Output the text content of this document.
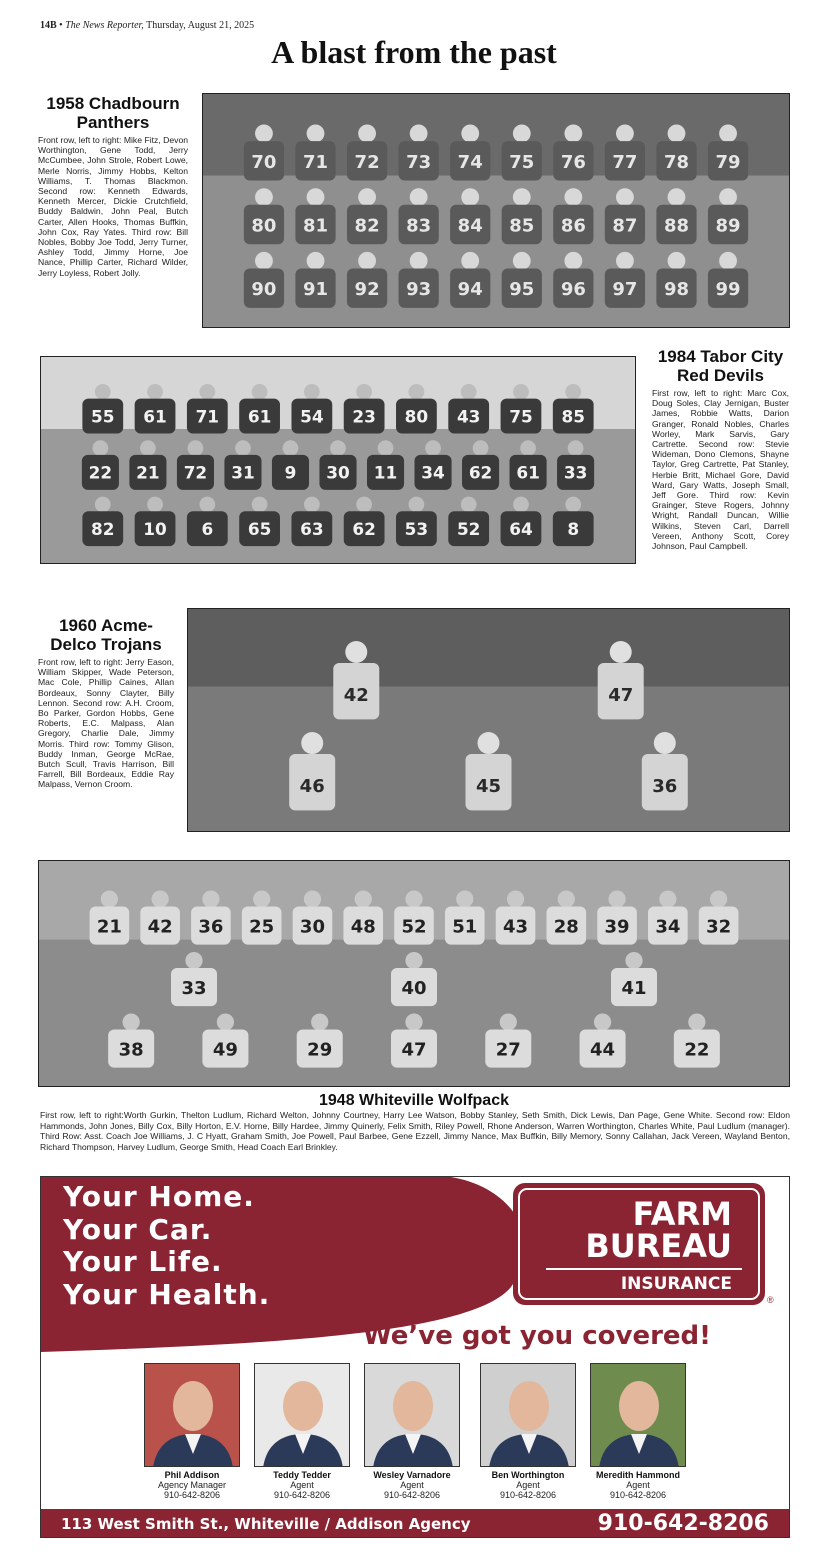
14B • The News Reporter, Thursday, August 21, 2025
A blast from the past
1958 Chadbourn Panthers
Front row, left to right: Mike Fitz, Devon Worthington, Gene Todd, Jerry McCumbee, John Strole, Robert Lowe, Merle Norris, Jimmy Hobbs, Kelton Williams, T. Thomas Blackmon. Second row: Kenneth Edwards, Kenneth Mercer, Dickie Crutchfield, Buddy Baldwin, John Peal, Butch Carter, Allen Hooks, Thomas Buffkin, John Cox, Ray Yates. Third row: Bill Nobles, Bobby Joe Todd, Jerry Turner, Ashley Todd, Jimmy Horne, Joe Nance, Phillip Carter, Richard Wilder, Jerry Loyless, Robert Jolly.
70 71 72 73 74 75 76 77 78 79
80 81 82 83 84 85 86 87 88 89
90 91 92 93 94 95 96 97 98 99
55 61 71 61 54 23 80 43 75 85
22 21 72 31 9 30 11 34 62 61 33
82 10 6 65 63 62 53 52 64 8
1984 Tabor City Red Devils
First row, left to right: Marc Cox, Doug Soles, Clay Jernigan, Buster James, Robbie Watts, Darion Granger, Ronald Nobles, Charles Worley, Mark Sarvis, Gary Cartrette. Second row: Stevie Wideman, Dono Clemons, Shayne Taylor, Greg Cartrette, Pat Stanley, Herbie Britt, Michael Gore, David Ward, Gary Watts, Joseph Small, Jeff Gore. Third row: Kevin Grainger, Steve Rogers, Johnny Wright, Randall Duncan, Willie Wilkins, Steven Carl, Darrell Vereen, Anthony Scott, Corey Johnson, Paul Campbell.
1960 Acme-Delco Trojans
Front row, left to right: Jerry Eason, William Skipper, Wade Peterson, Mac Cole, Phillip Caines, Allan Bordeaux, Sonny Clayter, Billy Lennon. Second row: A.H. Croom, Bo Parker, Gordon Hobbs, Gene Roberts, E.C. Malpass, Alan Gregory, Charlie Dale, Jimmy Morris. Third row: Tommy Glison, Buddy Inman, George McRae, Butch Scull, Travis Harrison, Bill Farrell, Bill Bordeaux, Eddie Ray Malpass, Vernon Croom.
42	47
46	45	36
21 42 36 25 30 48 52 51 43 28 39 34 32
33	40	41
38	49	29	47	27	44	22
1948 Whiteville Wolfpack
First row, left to right:Worth Gurkin, Thelton Ludlum, Richard Welton, Johnny Courtney, Harry Lee Watson, Bobby Stanley, Seth Smith, Dick Lewis, Dan Page, Gene White. Second row: Eldon Hammonds, John Jones, Billy Cox, Billy Horton, E.V. Horne, Billy Hardee, Jimmy Quinerly, Felix Smith, Riley Powell, Rhone Anderson, Warren Worthington, Charles White, Paul Ludlum (manager). Third Row: Asst. Coach Joe Williams, J. C Hyatt, Graham Smith, Joe Powell, Paul Barbee, Gene Ezzell, Jimmy Nance, Max Buffkin, Billy Memory, Sonny Callahan, Jack Vereen, Wayland Benton, Richard Thompson, Harvey Ludlum, George Smith, Head Coach Earl Brinkley.
Your Home.
Your Car.
Your Life.
Your Health.
FARM
BUREAU
INSURANCE
®
We’ve got you covered!
Phil Addison
Agency Manager
910-642-8206
Teddy Tedder
Agent
910-642-8206
Wesley Varnadore
Agent
910-642-8206
Ben Worthington
Agent
910-642-8206
Meredith Hammond
Agent
910-642-8206
113 West Smith St., Whiteville / Addison Agency	910-642-8206
